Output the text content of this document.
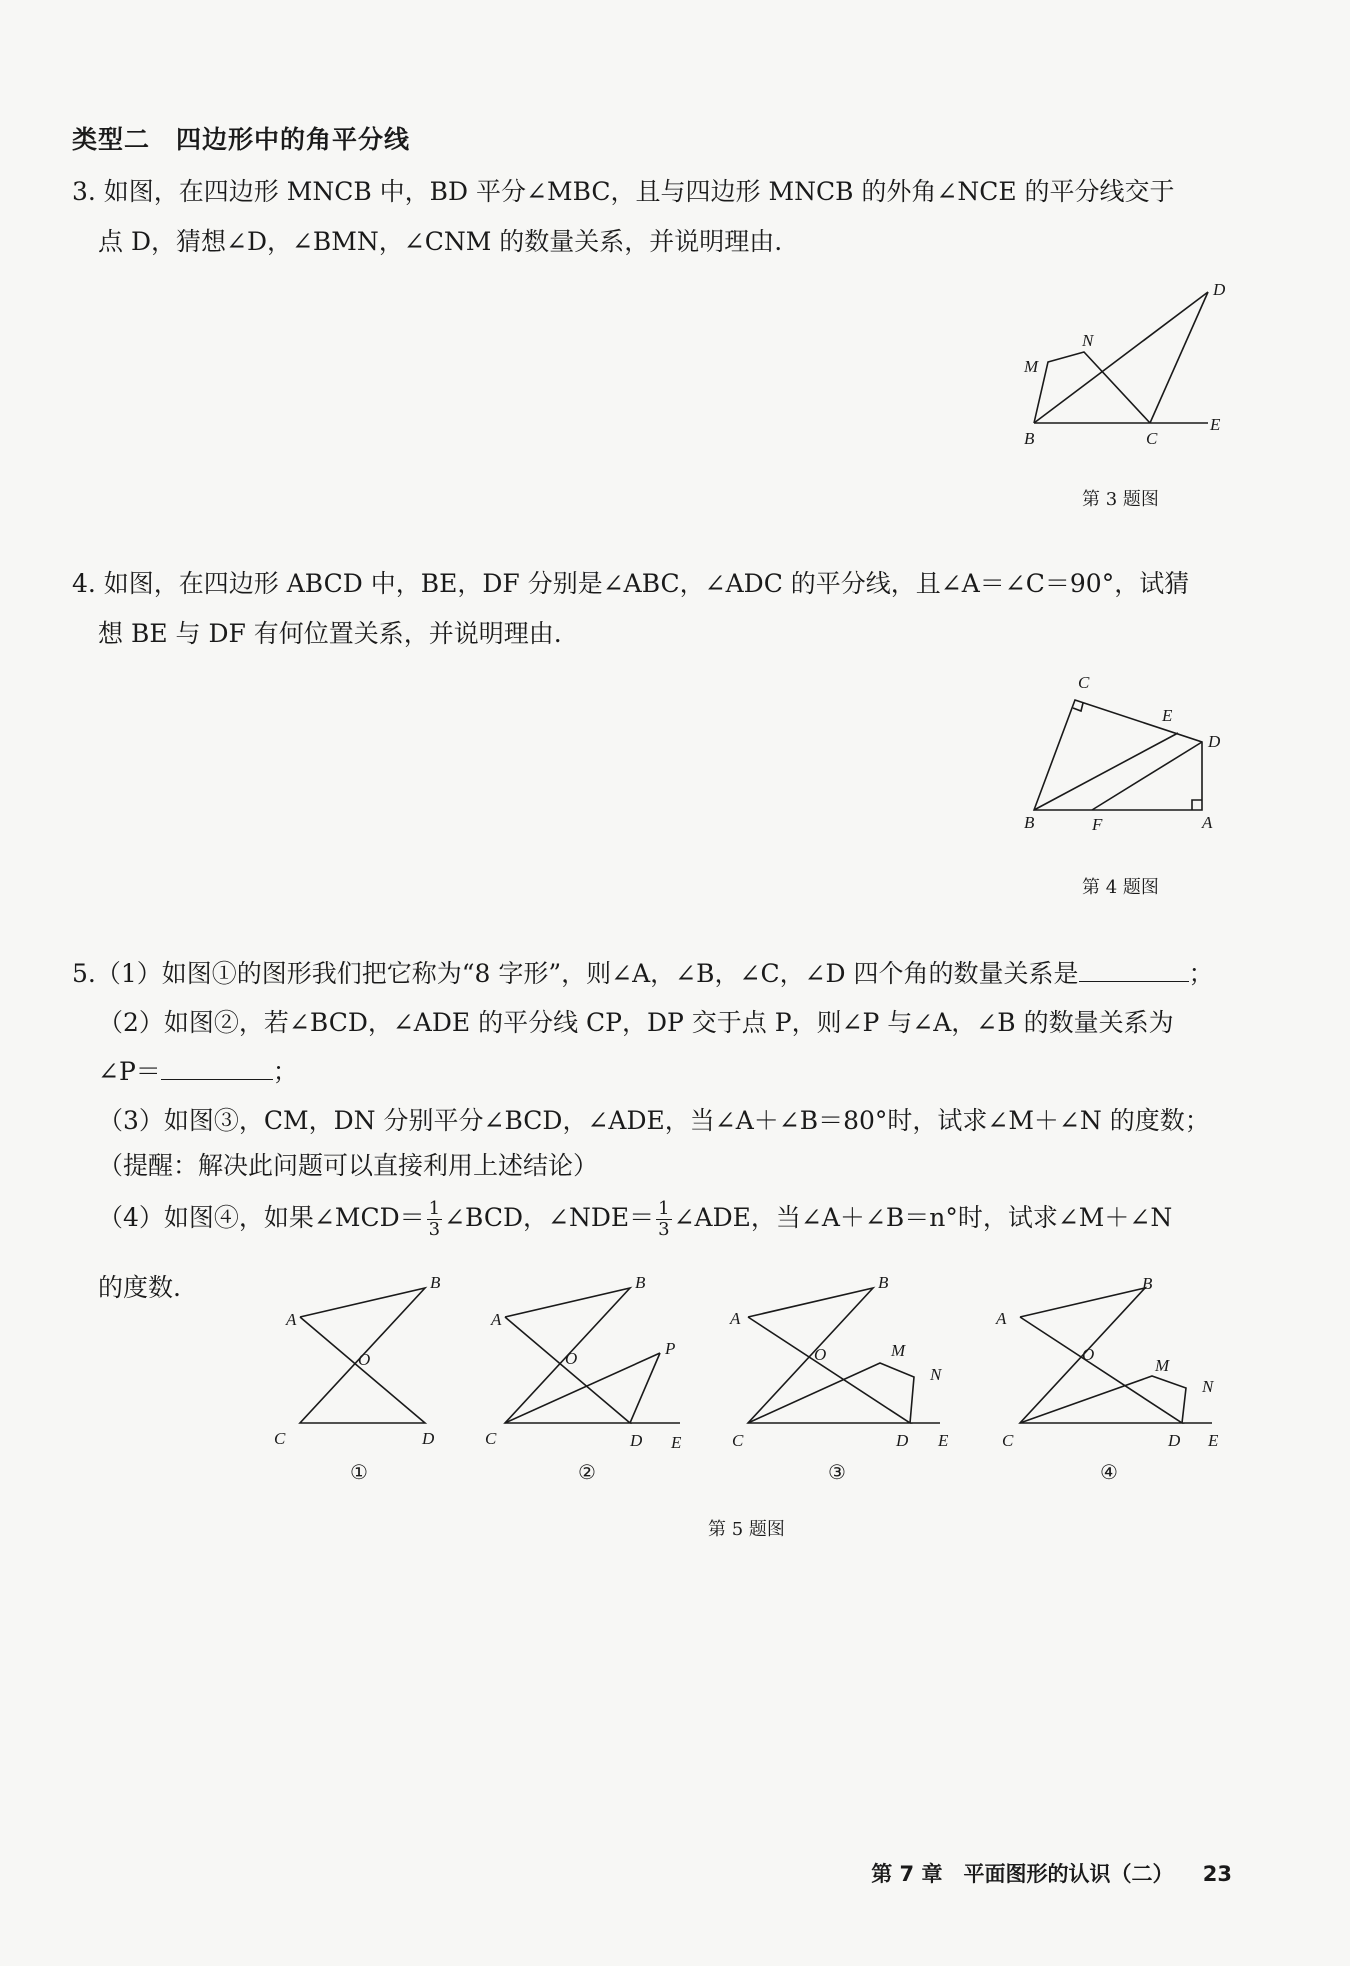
类型二　四边形中的角平分线
3. 如图，在四边形 MNCB 中，BD 平分∠MBC，且与四边形 MNCB 的外角∠NCE 的平分线交于
点 D，猜想∠D，∠BMN，∠CNM 的数量关系，并说明理由.
D
N
M
B	C
E
第 3 题图
4. 如图，在四边形 ABCD 中，BE，DF 分别是∠ABC，∠ADC 的平分线，且∠A＝∠C＝90°，试猜
想 BE 与 DF 有何位置关系，并说明理由.
C
E
D
B	F	A
第 4 题图
5.（1）如图①的图形我们把它称为“8 字形”，则∠A，∠B，∠C，∠D 四个角的数量关系是	；
（2）如图②，若∠BCD，∠ADE 的平分线 CP，DP 交于点 P，则∠P 与∠A，∠B 的数量关系为
∠P＝	；
（3）如图③，CM，DN 分别平分∠BCD，∠ADE，当∠A＋∠B＝80°时，试求∠M＋∠N 的度数；
（提醒：解决此问题可以直接利用上述结论）
（4）如图④，如果∠MCD＝ $\frac{1}{3}$ ∠BCD，∠NDE＝ $\frac{1}{3}$ ∠ADE，当∠A＋∠B＝n°时，试求∠M＋∠N
的度数.
A
B
O
C	D
A
B
O
P
C	D E
A
B
O	M
N
C	D E
A
B
O
M
N
C	D E
①	②	③	④
第 5 题图
第 7 章　平面图形的认识（二） 23
